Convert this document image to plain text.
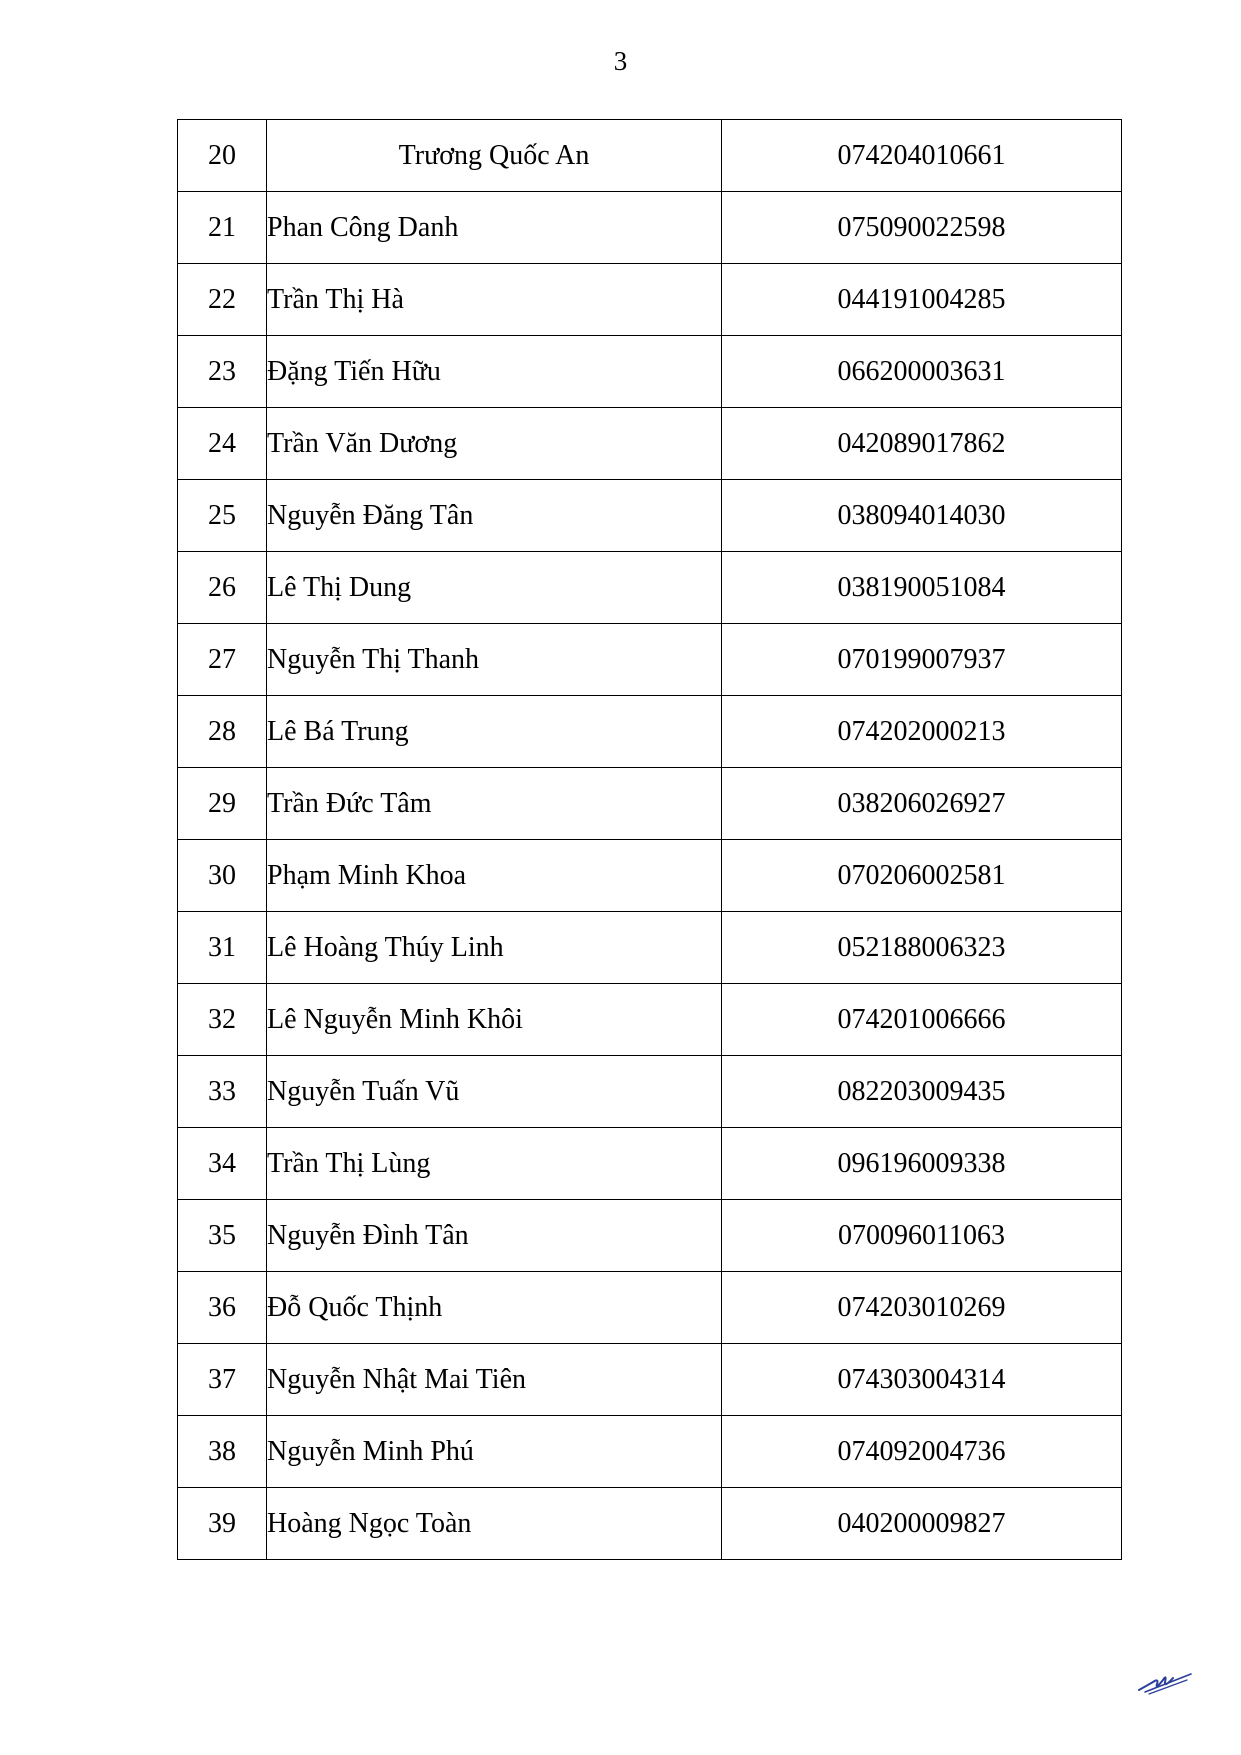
3
20	Trương Quốc An	074204010661
21	Phan Công Danh	075090022598
22	Trần Thị Hà	044191004285
23	Đặng Tiến Hữu	066200003631
24	Trần Văn Dương	042089017862
25	Nguyễn Đăng Tân	038094014030
26	Lê Thị Dung	038190051084
27	Nguyễn Thị Thanh	070199007937
28	Lê Bá Trung	074202000213
29	Trần Đức Tâm	038206026927
30	Phạm Minh Khoa	070206002581
31	Lê Hoàng Thúy Linh	052188006323
32	Lê Nguyễn Minh Khôi	074201006666
33	Nguyễn Tuấn Vũ	082203009435
34	Trần Thị Lùng	096196009338
35	Nguyễn Đình Tân	070096011063
36	Đỗ Quốc Thịnh	074203010269
37	Nguyễn Nhật Mai Tiên	074303004314
38	Nguyễn Minh Phú	074092004736
39	Hoàng Ngọc Toàn	040200009827
